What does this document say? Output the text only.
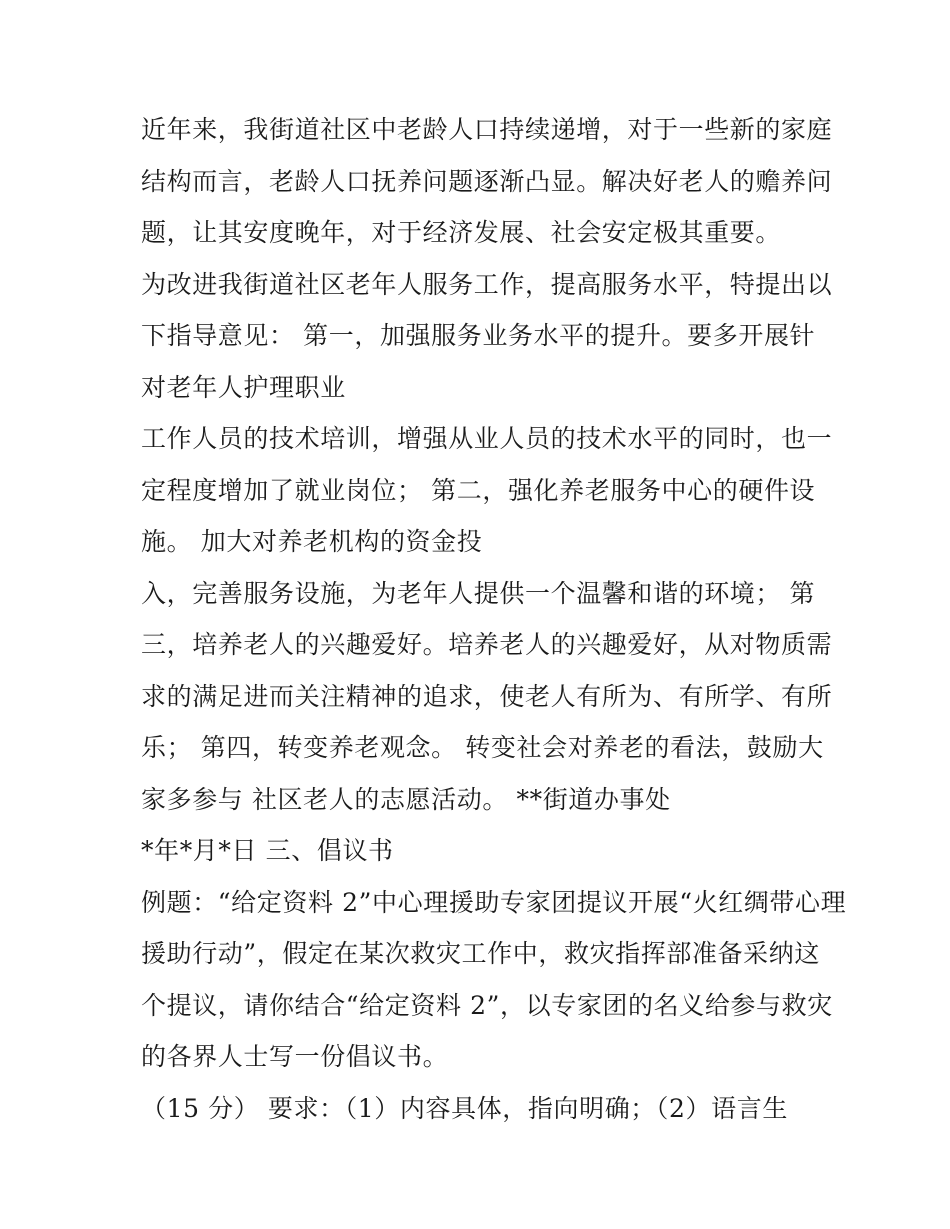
近年来，我街道社区中老龄人口持续递增，对于一些新的家庭
结构而言，老龄人口抚养问题逐渐凸显。解决好老人的赡养问
题，让其安度晚年，对于经济发展、社会安定极其重要。
为改进我街道社区老年人服务工作，提高服务水平，特提出以
下指导意见： 第一，加强服务业务水平的提升。要多开展针
对老年人护理职业
工作人员的技术培训，增强从业人员的技术水平的同时，也一
定程度增加了就业岗位； 第二，强化养老服务中心的硬件设
施。 加大对养老机构的资金投
入，完善服务设施，为老年人提供一个温馨和谐的环境； 第
三，培养老人的兴趣爱好。培养老人的兴趣爱好，从对物质需
求的满足进而关注精神的追求，使老人有所为、有所学、有所
乐； 第四，转变养老观念。 转变社会对养老的看法，鼓励大
家多参与 社区老人的志愿活动。 **街道办事处
*年*月*日 三、倡议书
例题：“给定资料 2”中心理援助专家团提议开展“火红绸带心理
援助行动”，假定在某次救灾工作中，救灾指挥部准备采纳这
个提议，请你结合“给定资料 2”，以专家团的名义给参与救灾
的各界人士写一份倡议书。
（15 分） 要求：（1）内容具体，指向明确；（2）语言生
